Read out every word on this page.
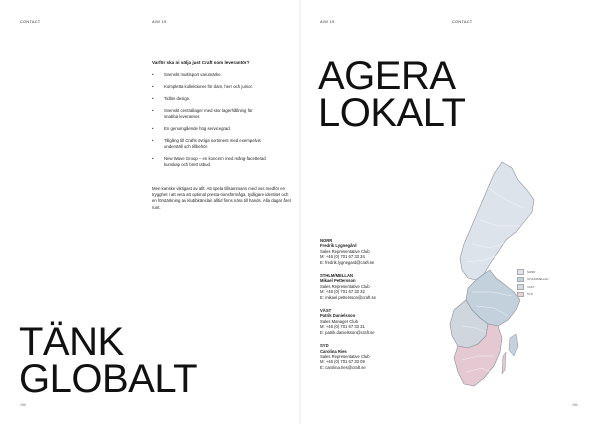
CONTACT	A/W 19
Varför ska ni välja just Craft som leverantör?
• Svenskt multisport varumärke
• Kompletta kollektioner för dam, herr och junior.
• Tidlös design.
• Svenskt centrallager med stor lagerhållning för snabba leveranser.
• En genomgående hög servicegrad.
• Tillgång till Crafts övriga sortiment med exempelvis underställ och tillbehör.
• New Wave Group – en koncern med mång-facetterad kunskap och brett utbud.

Men kanske viktigast av allt: Att spela tillsammans med oss medför en trygghet i att veta att optimal presta-tionsförmåga, tydligare identitet och en förstärkning av klubbkänslan alltid finns nära till hands. Alla dagar året runt.

TÄNK
GLOBALT
190
A/W 19	CONTACT
AGERA
LOKALT
191
NORR
Fredrik Lygnegård
Sales Representative Club
M: +46 (0) 701 67 33 34
E: fredrik.lygnegard@craft.se
STHLM/MELLAN
Mikael Pettersson
Sales Representative Club
M: +46 (0) 701 67 33 32
E: mikael.pettersson@craft.se
VÄST
Patrik Danielsson
Sales Manager Club
M: +46 (0) 701 67 33 31
E: patrik.danielsson@craft.se
SYD
Carolina Ries
Sales Representative Club
M: +46 (0) 701 67 33 09
E: carolina.ries@craft.se
NORR
STHLM/MELLAN
VÄST
SYD
